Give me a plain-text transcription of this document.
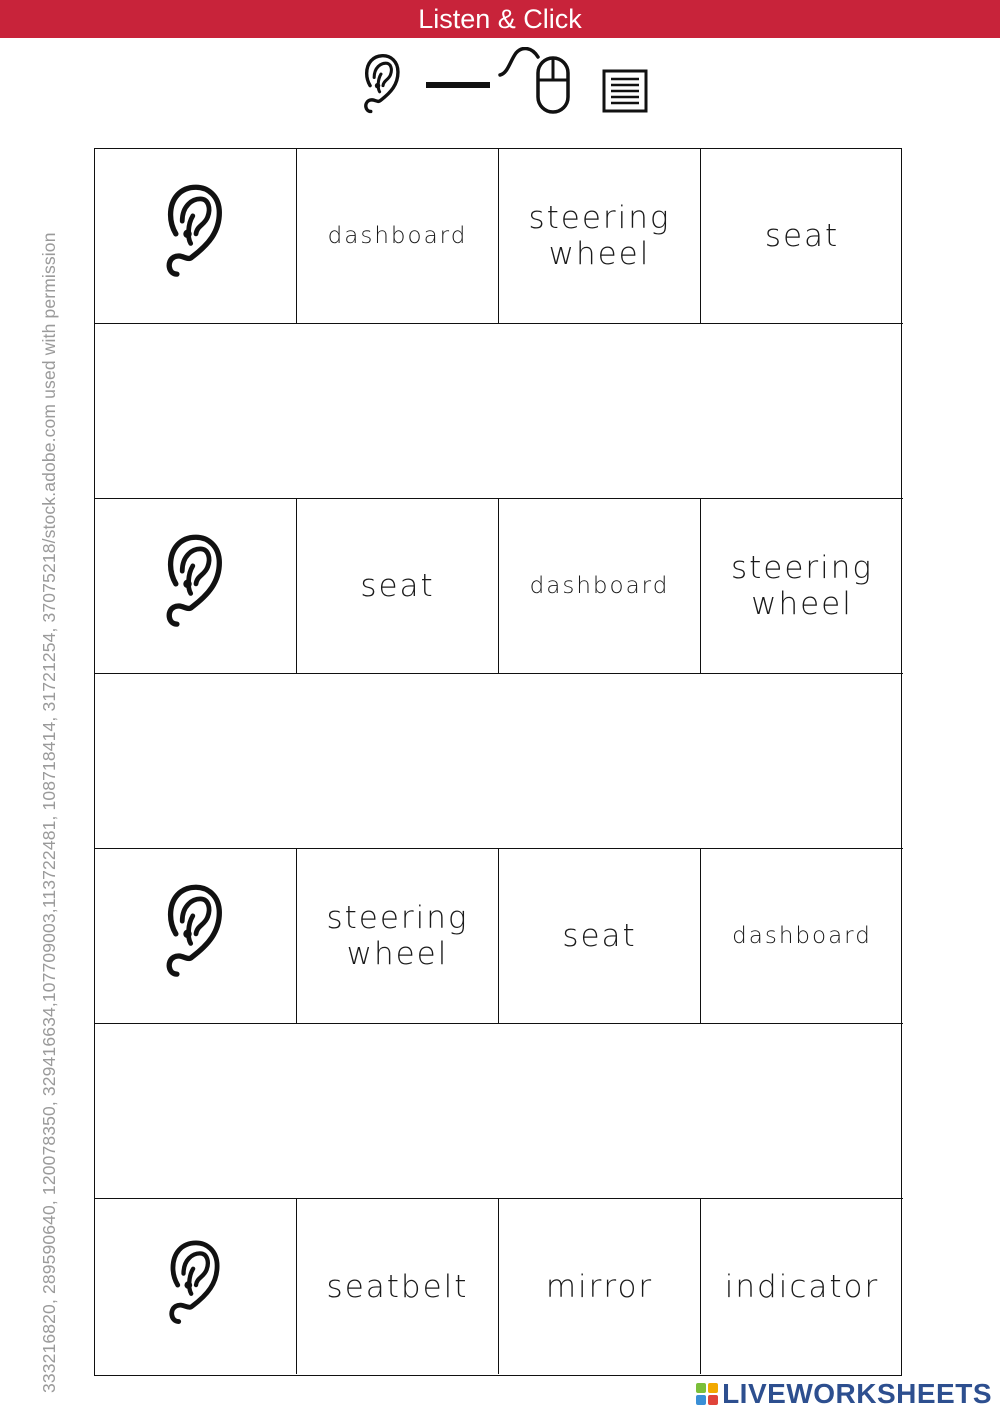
Listen & Click
333216820, 289590640, 120078350, 329416634,107709003,113722481, 108718414, 31721254, 37075218/stock.adobe.com used with permission	dashboard	steering wheel	seat
seat	dashboard	steering wheel
steering wheel	seat	dashboard
seatbelt	mirror	indicator
LIVEWORKSHEETS
